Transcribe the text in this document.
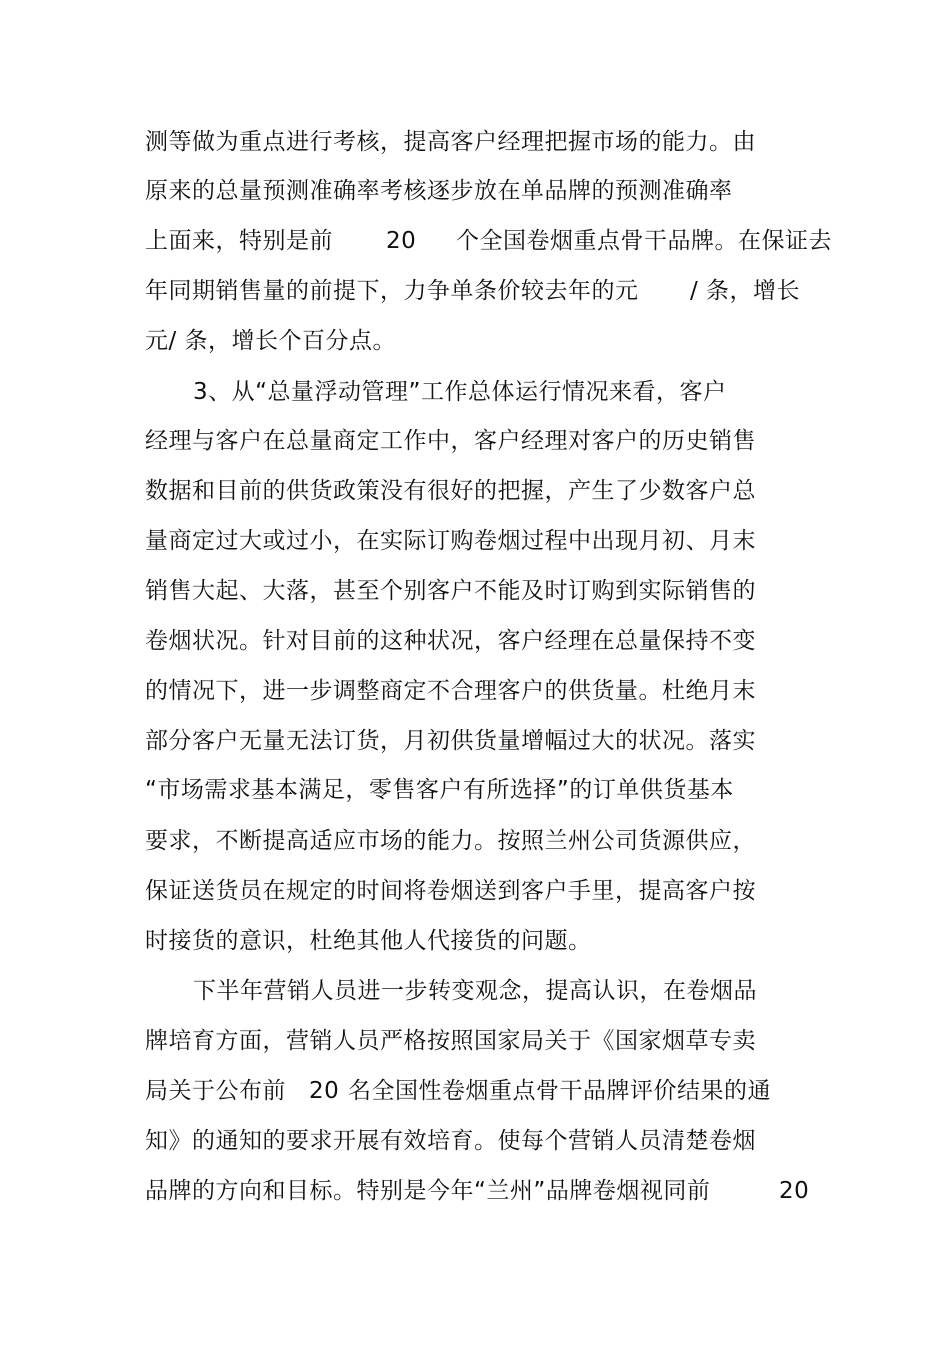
测等做为重点进行考核，提高客户经理把握市场的能力。由
原来的总量预测准确率考核逐步放在单品牌的预测准确率

上面来，特别是前

20

个全国卷烟重点骨干品牌。在保证去

年同期销售量的前提下，力争单条价较去年的元

/ 条，增长

元/ 条，增长个百分点。
3、从“总量浮动管理”工作总体运行情况来看，客户
经理与客户在总量商定工作中，客户经理对客户的历史销售
数据和目前的供货政策没有很好的把握，产生了少数客户总
量商定过大或过小，在实际订购卷烟过程中出现月初、月末
销售大起、大落，甚至个别客户不能及时订购到实际销售的
卷烟状况。针对目前的这种状况，客户经理在总量保持不变
的情况下，进一步调整商定不合理客户的供货量。杜绝月末
部分客户无量无法订货，月初供货量增幅过大的状况。落实
“市场需求基本满足，零售客户有所选择”的订单供货基本
要求，不断提高适应市场的能力。按照兰州公司货源供应，
保证送货员在规定的时间将卷烟送到客户手里，提高客户按
时接货的意识，杜绝其他人代接货的问题。
下半年营销人员进一步转变观念，提高认识，在卷烟品
牌培育方面，营销人员严格按照国家局关于《国家烟草专卖

局关于公布前

20

名全国性卷烟重点骨干品牌评价结果的通

知》的通知的要求开展有效培育。使每个营销人员清楚卷烟

品牌的方向和目标。特别是今年“兰州”品牌卷烟视同前

	20
